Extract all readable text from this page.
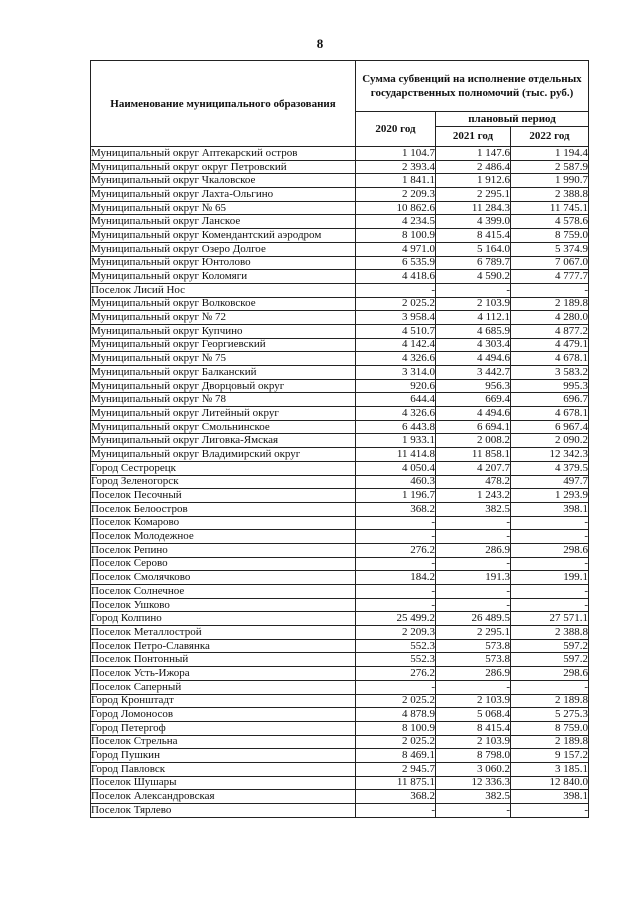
8
Наименование муниципального образования	Сумма субвенций на исполнение отдельных государственных полномочий (тыс. руб.)		
	2020 год	плановый период	
		2021 год	2022 год
Муниципальный округ Аптекарский остров	1 104.7	1 147.6	1 194.4
Муниципальный округ округ Петровский	2 393.4	2 486.4	2 587.9
Муниципальный округ Чкаловское	1 841.1	1 912.6	1 990.7
Муниципальный округ Лахта-Ольгино	2 209.3	2 295.1	2 388.8
Муниципальный округ № 65	10 862.6	11 284.3	11 745.1
Муниципальный округ Ланское	4 234.5	4 399.0	4 578.6
Муниципальный округ Комендантский аэродром	8 100.9	8 415.4	8 759.0
Муниципальный округ Озеро Долгое	4 971.0	5 164.0	5 374.9
Муниципальный округ Юнтолово	6 535.9	6 789.7	7 067.0
Муниципальный округ Коломяги	4 418.6	4 590.2	4 777.7
Поселок Лисий Нос	-	-	-
Муниципальный округ Волковское	2 025.2	2 103.9	2 189.8
Муниципальный округ № 72	3 958.4	4 112.1	4 280.0
Муниципальный округ Купчино	4 510.7	4 685.9	4 877.2
Муниципальный округ Георгиевский	4 142.4	4 303.4	4 479.1
Муниципальный округ № 75	4 326.6	4 494.6	4 678.1
Муниципальный округ Балканский	3 314.0	3 442.7	3 583.2
Муниципальный округ Дворцовый округ	920.6	956.3	995.3
Муниципальный округ № 78	644.4	669.4	696.7
Муниципальный округ Литейный округ	4 326.6	4 494.6	4 678.1
Муниципальный округ Смольнинское	6 443.8	6 694.1	6 967.4
Муниципальный округ Лиговка-Ямская	1 933.1	2 008.2	2 090.2
Муниципальный округ Владимирский округ	11 414.8	11 858.1	12 342.3
Город Сестрорецк	4 050.4	4 207.7	4 379.5
Город Зеленогорск	460.3	478.2	497.7
Поселок Песочный	1 196.7	1 243.2	1 293.9
Поселок Белоостров	368.2	382.5	398.1
Поселок Комарово	-	-	-
Поселок Молодежное	-	-	-
Поселок Репино	276.2	286.9	298.6
Поселок Серово	-	-	-
Поселок Смолячково	184.2	191.3	199.1
Поселок Солнечное	-	-	-
Поселок Ушково	-	-	-
Город Колпино	25 499.2	26 489.5	27 571.1
Поселок Металлострой	2 209.3	2 295.1	2 388.8
Поселок Петро-Славянка	552.3	573.8	597.2
Поселок Понтонный	552.3	573.8	597.2
Поселок Усть-Ижора	276.2	286.9	298.6
Поселок Саперный	-	-	-
Город Кронштадт	2 025.2	2 103.9	2 189.8
Город Ломоносов	4 878.9	5 068.4	5 275.3
Город Петергоф	8 100.9	8 415.4	8 759.0
Поселок Стрельна	2 025.2	2 103.9	2 189.8
Город Пушкин	8 469.1	8 798.0	9 157.2
Город Павловск	2 945.7	3 060.2	3 185.1
Поселок Шушары	11 875.1	12 336.3	12 840.0
Поселок Александровская	368.2	382.5	398.1
Поселок Тярлево	-	-	-
